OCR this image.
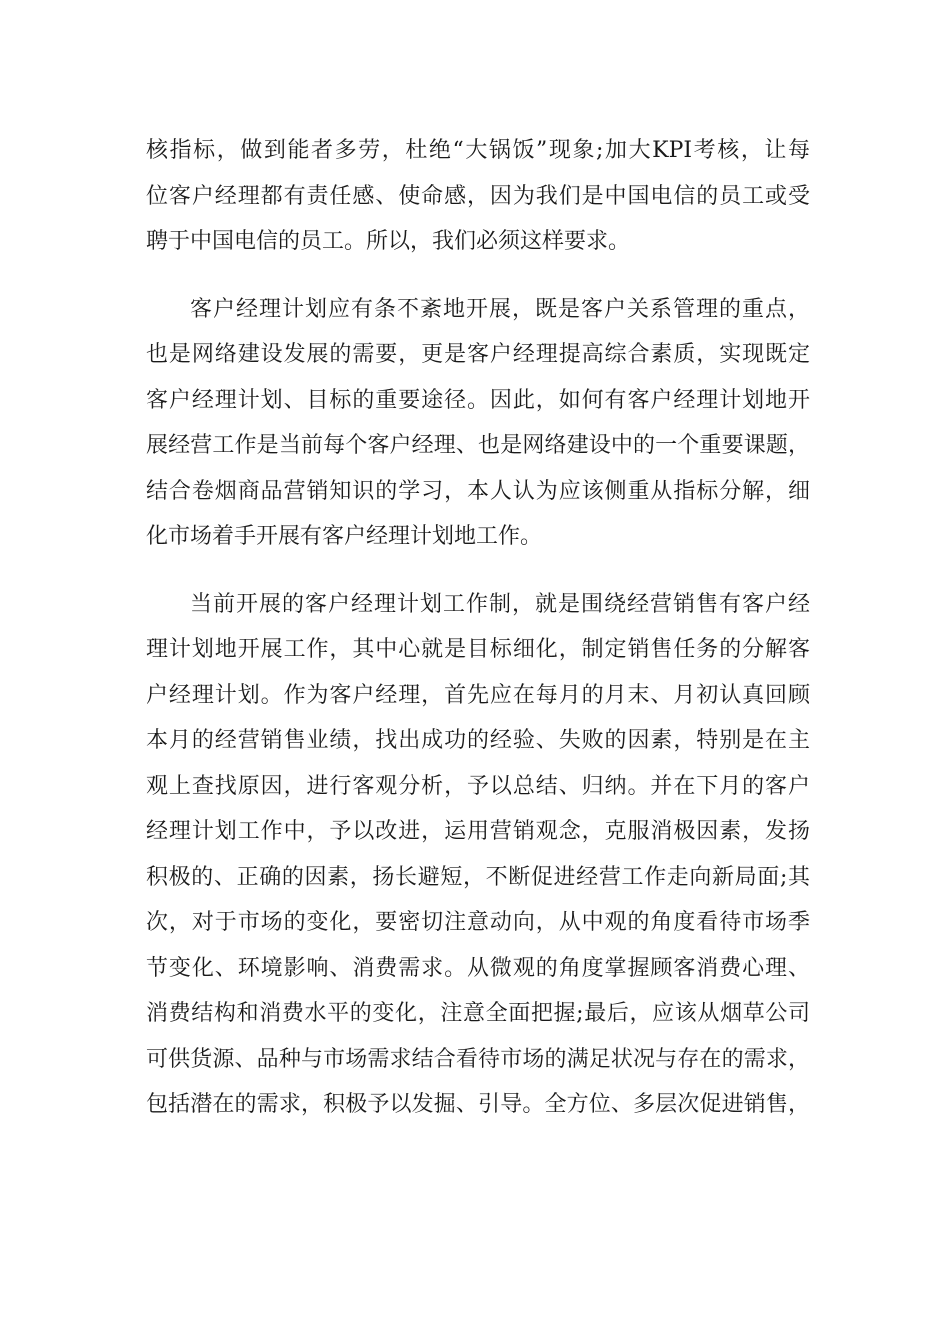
核指标，做到能者多劳，杜绝“大锅饭”现象;加大KPI考核，让每
位客户经理都有责任感、使命感，因为我们是中国电信的员工或受
聘于中国电信的员工。所以，我们必须这样要求。
客户经理计划应有条不紊地开展，既是客户关系管理的重点，
也是网络建设发展的需要，更是客户经理提高综合素质，实现既定
客户经理计划、目标的重要途径。因此，如何有客户经理计划地开
展经营工作是当前每个客户经理、也是网络建设中的一个重要课题，
结合卷烟商品营销知识的学习，本人认为应该侧重从指标分解，细
化市场着手开展有客户经理计划地工作。
当前开展的客户经理计划工作制，就是围绕经营销售有客户经
理计划地开展工作，其中心就是目标细化，制定销售任务的分解客
户经理计划。作为客户经理，首先应在每月的月末、月初认真回顾
本月的经营销售业绩，找出成功的经验、失败的因素，特别是在主
观上查找原因，进行客观分析，予以总结、归纳。并在下月的客户
经理计划工作中，予以改进，运用营销观念，克服消极因素，发扬
积极的、正确的因素，扬长避短，不断促进经营工作走向新局面;其
次，对于市场的变化，要密切注意动向，从中观的角度看待市场季
节变化、环境影响、消费需求。从微观的角度掌握顾客消费心理、
消费结构和消费水平的变化，注意全面把握;最后，应该从烟草公司
可供货源、品种与市场需求结合看待市场的满足状况与存在的需求，
包括潜在的需求，积极予以发掘、引导。全方位、多层次促进销售，
